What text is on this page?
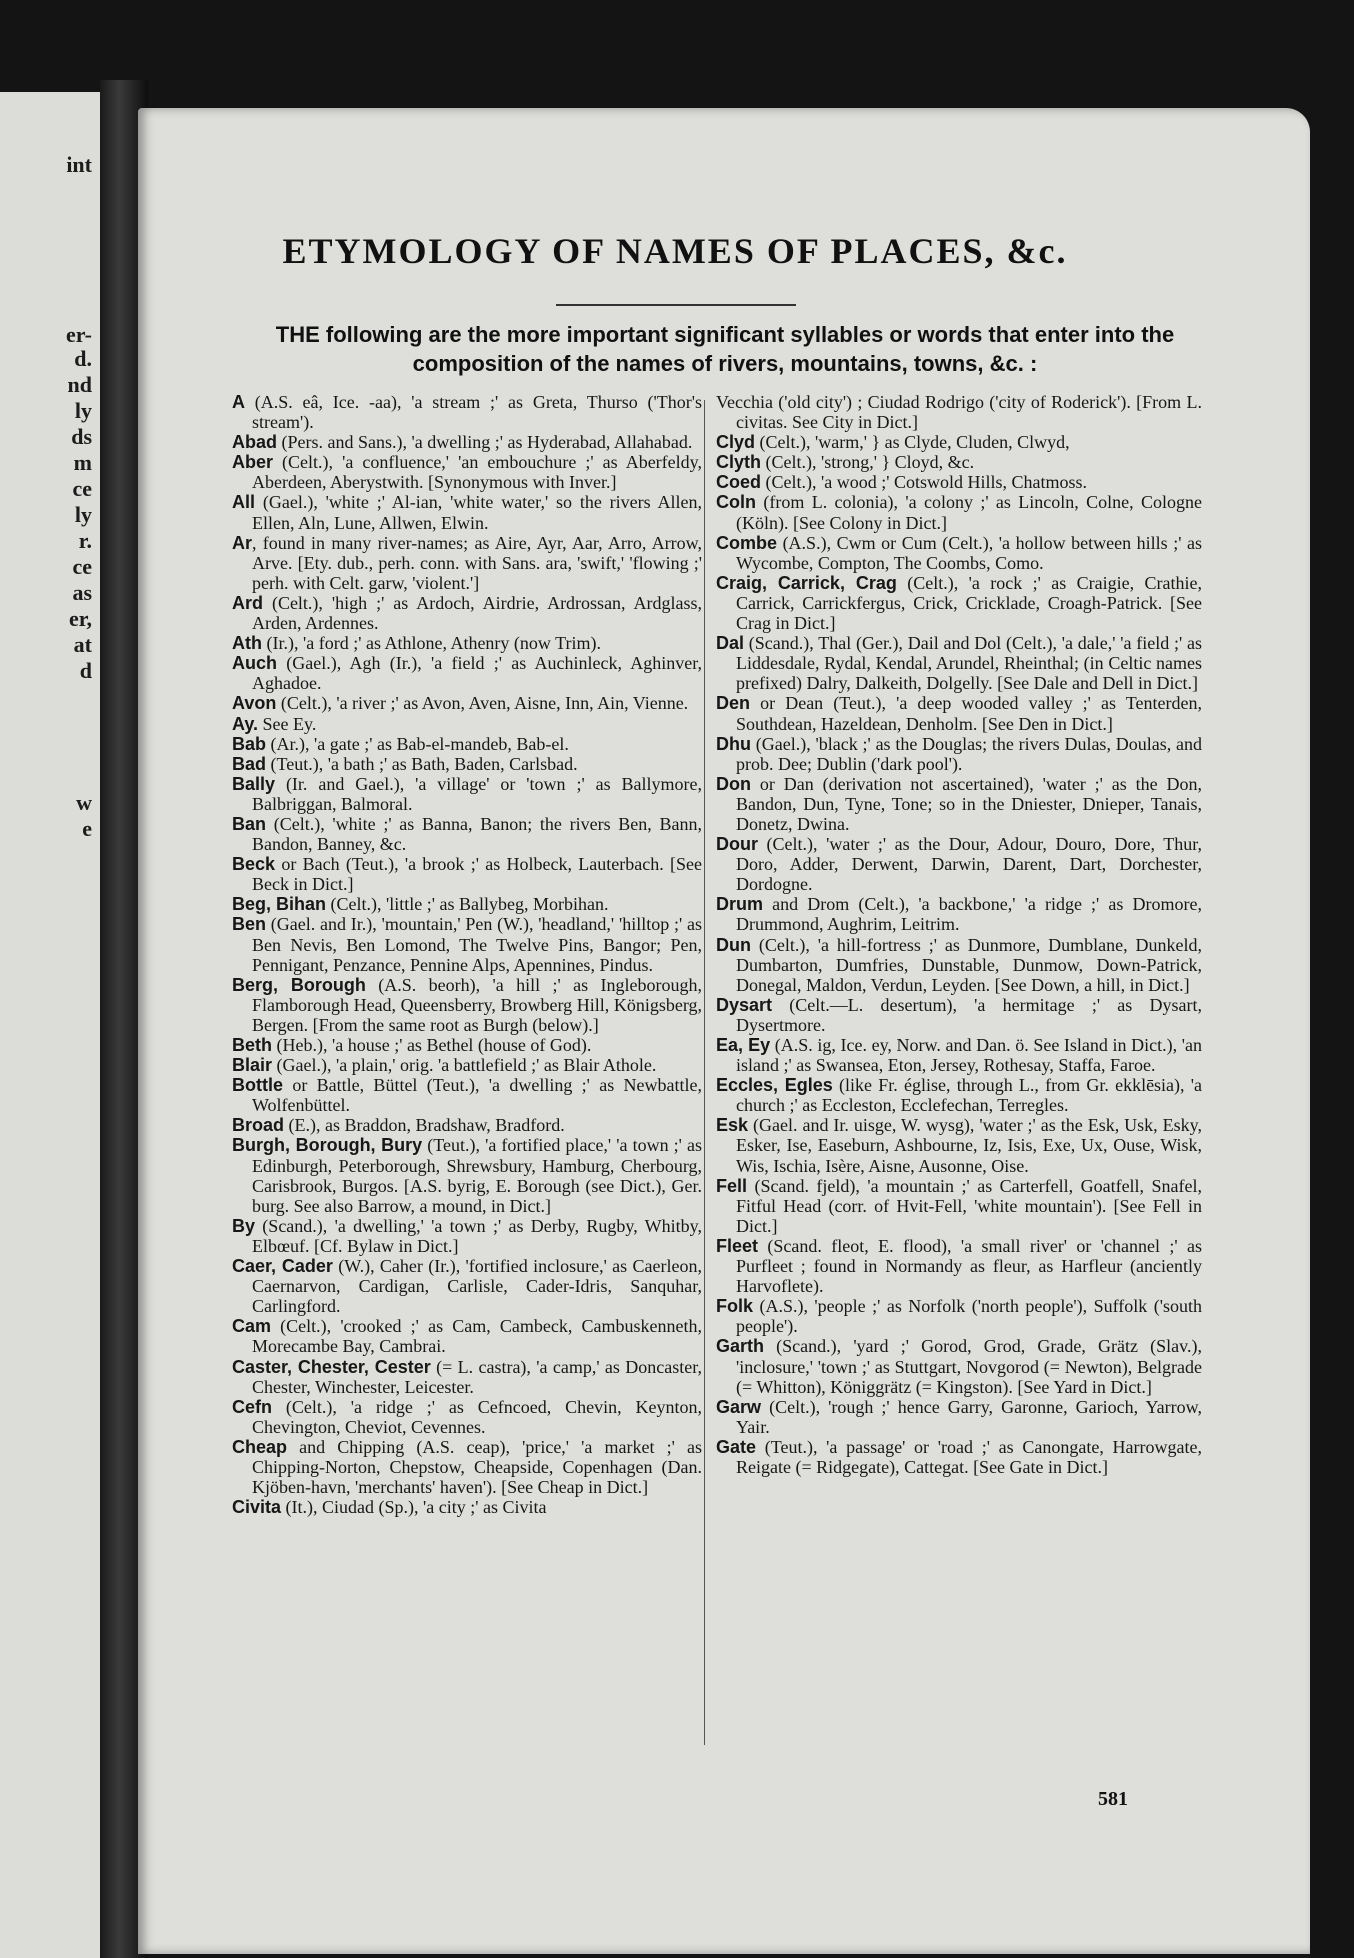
int
er-
d.
nd
ly
ds
m
ce
ly
r.
ce
as
er,
at
d
w
e
ETYMOLOGY OF NAMES OF PLACES, &c.
THE following are the more important significant syllables or words that enter into the composition of the names of rivers, mountains, towns, &c. :

A (A.S. eâ, Ice. -aa), 'a stream ;' as Greta, Thurso ('Thor's stream').

Abad (Pers. and Sans.), 'a dwelling ;' as Hyderabad, Allahabad.

Aber (Celt.), 'a confluence,' 'an embouchure ;' as Aberfeldy, Aberdeen, Aberystwith. [Synonymous with Inver.]

All (Gael.), 'white ;' Al-ian, 'white water,' so the rivers Allen, Ellen, Aln, Lune, Allwen, Elwin.

Ar, found in many river-names; as Aire, Ayr, Aar, Arro, Arrow, Arve. [Ety. dub., perh. conn. with Sans. ara, 'swift,' 'flowing ;' perh. with Celt. garw, 'violent.']

Ard (Celt.), 'high ;' as Ardoch, Airdrie, Ardrossan, Ardglass, Arden, Ardennes.

Ath (Ir.), 'a ford ;' as Athlone, Athenry (now Trim).

Auch (Gael.), Agh (Ir.), 'a field ;' as Auchinleck, Aghinver, Aghadoe.

Avon (Celt.), 'a river ;' as Avon, Aven, Aisne, Inn, Ain, Vienne.

Ay. See Ey.

Bab (Ar.), 'a gate ;' as Bab-el-mandeb, Bab-el.

Bad (Teut.), 'a bath ;' as Bath, Baden, Carlsbad.

Bally (Ir. and Gael.), 'a village' or 'town ;' as Ballymore, Balbriggan, Balmoral.

Ban (Celt.), 'white ;' as Banna, Banon; the rivers Ben, Bann, Bandon, Banney, &c.

Beck or Bach (Teut.), 'a brook ;' as Holbeck, Lauterbach. [See Beck in Dict.]

Beg, Bihan (Celt.), 'little ;' as Ballybeg, Morbihan.

Ben (Gael. and Ir.), 'mountain,' Pen (W.), 'headland,' 'hilltop ;' as Ben Nevis, Ben Lomond, The Twelve Pins, Bangor; Pen, Pennigant, Penzance, Pennine Alps, Apennines, Pindus.

Berg, Borough (A.S. beorh), 'a hill ;' as Ingleborough, Flamborough Head, Queensberry, Browberg Hill, Königsberg, Bergen. [From the same root as Burgh (below).]

Beth (Heb.), 'a house ;' as Bethel (house of God).

Blair (Gael.), 'a plain,' orig. 'a battlefield ;' as Blair Athole.

Bottle or Battle, Büttel (Teut.), 'a dwelling ;' as Newbattle, Wolfenbüttel.

Broad (E.), as Braddon, Bradshaw, Bradford.

Burgh, Borough, Bury (Teut.), 'a fortified place,' 'a town ;' as Edinburgh, Peterborough, Shrewsbury, Hamburg, Cherbourg, Carisbrook, Burgos. [A.S. byrig, E. Borough (see Dict.), Ger. burg. See also Barrow, a mound, in Dict.]

By (Scand.), 'a dwelling,' 'a town ;' as Derby, Rugby, Whitby, Elbœuf. [Cf. Bylaw in Dict.]

Caer, Cader (W.), Caher (Ir.), 'fortified inclosure,' as Caerleon, Caernarvon, Cardigan, Carlisle, Cader-Idris, Sanquhar, Carlingford.

Cam (Celt.), 'crooked ;' as Cam, Cambeck, Cambuskenneth, Morecambe Bay, Cambrai.

Caster, Chester, Cester (= L. castra), 'a camp,' as Doncaster, Chester, Winchester, Leicester.

Cefn (Celt.), 'a ridge ;' as Cefncoed, Chevin, Keynton, Chevington, Cheviot, Cevennes.

Cheap and Chipping (A.S. ceap), 'price,' 'a market ;' as Chipping-Norton, Chepstow, Cheapside, Copenhagen (Dan. Kjöben-havn, 'merchants' haven'). [See Cheap in Dict.]

Civita (It.), Ciudad (Sp.), 'a city ;' as Civita

Vecchia ('old city') ; Ciudad Rodrigo ('city of Roderick'). [From L. civitas. See City in Dict.]

Clyd (Celt.), 'warm,' } as Clyde, Cluden, Clwyd,

Clyth (Celt.), 'strong,' } Cloyd, &c.

Coed (Celt.), 'a wood ;' Cotswold Hills, Chatmoss.

Coln (from L. colonia), 'a colony ;' as Lincoln, Colne, Cologne (Köln). [See Colony in Dict.]

Combe (A.S.), Cwm or Cum (Celt.), 'a hollow between hills ;' as Wycombe, Compton, The Coombs, Como.

Craig, Carrick, Crag (Celt.), 'a rock ;' as Craigie, Crathie, Carrick, Carrickfergus, Crick, Cricklade, Croagh-Patrick. [See Crag in Dict.]

Dal (Scand.), Thal (Ger.), Dail and Dol (Celt.), 'a dale,' 'a field ;' as Liddesdale, Rydal, Kendal, Arundel, Rheinthal; (in Celtic names prefixed) Dalry, Dalkeith, Dolgelly. [See Dale and Dell in Dict.]

Den or Dean (Teut.), 'a deep wooded valley ;' as Tenterden, Southdean, Hazeldean, Denholm. [See Den in Dict.]

Dhu (Gael.), 'black ;' as the Douglas; the rivers Dulas, Doulas, and prob. Dee; Dublin ('dark pool').

Don or Dan (derivation not ascertained), 'water ;' as the Don, Bandon, Dun, Tyne, Tone; so in the Dniester, Dnieper, Tanais, Donetz, Dwina.

Dour (Celt.), 'water ;' as the Dour, Adour, Douro, Dore, Thur, Doro, Adder, Derwent, Darwin, Darent, Dart, Dorchester, Dordogne.

Drum and Drom (Celt.), 'a backbone,' 'a ridge ;' as Dromore, Drummond, Aughrim, Leitrim.

Dun (Celt.), 'a hill-fortress ;' as Dunmore, Dumblane, Dunkeld, Dumbarton, Dumfries, Dunstable, Dunmow, Down-Patrick, Donegal, Maldon, Verdun, Leyden. [See Down, a hill, in Dict.]

Dysart (Celt.—L. desertum), 'a hermitage ;' as Dysart, Dysertmore.

Ea, Ey (A.S. ig, Ice. ey, Norw. and Dan. ö. See Island in Dict.), 'an island ;' as Swansea, Eton, Jersey, Rothesay, Staffa, Faroe.

Eccles, Egles (like Fr. église, through L., from Gr. ekklēsia), 'a church ;' as Eccleston, Ecclefechan, Terregles.

Esk (Gael. and Ir. uisge, W. wysg), 'water ;' as the Esk, Usk, Esky, Esker, Ise, Easeburn, Ashbourne, Iz, Isis, Exe, Ux, Ouse, Wisk, Wis, Ischia, Isère, Aisne, Ausonne, Oise.

Fell (Scand. fjeld), 'a mountain ;' as Carterfell, Goatfell, Snafel, Fitful Head (corr. of Hvit-Fell, 'white mountain'). [See Fell in Dict.]

Fleet (Scand. fleot, E. flood), 'a small river' or 'channel ;' as Purfleet ; found in Normandy as fleur, as Harfleur (anciently Harvoflete).

Folk (A.S.), 'people ;' as Norfolk ('north people'), Suffolk ('south people').

Garth (Scand.), 'yard ;' Gorod, Grod, Grade, Grätz (Slav.), 'inclosure,' 'town ;' as Stuttgart, Novgorod (= Newton), Belgrade (= Whitton), Königgrätz (= Kingston). [See Yard in Dict.]

Garw (Celt.), 'rough ;' hence Garry, Garonne, Garioch, Yarrow, Yair.

Gate (Teut.), 'a passage' or 'road ;' as Canongate, Harrowgate, Reigate (= Ridgegate), Cattegat. [See Gate in Dict.]

581
